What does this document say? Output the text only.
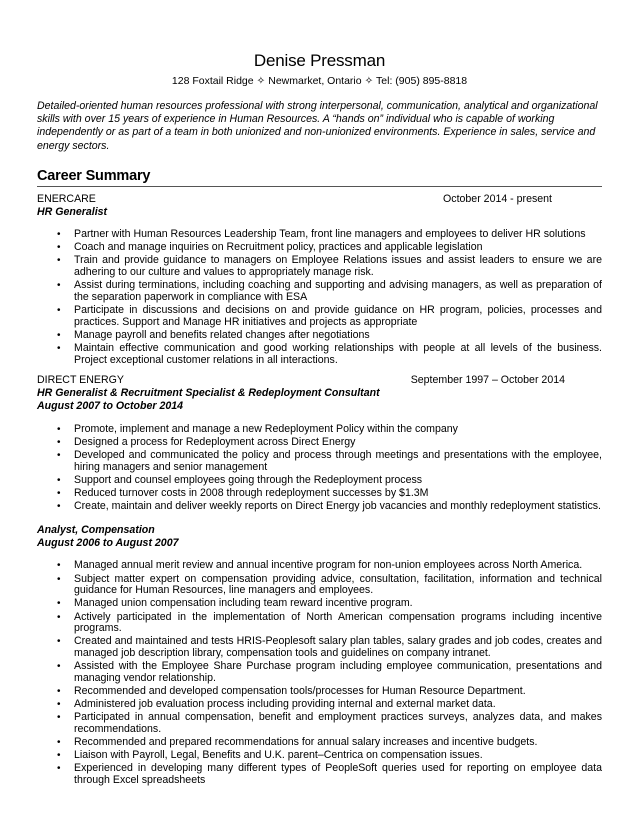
Denise Pressman
128 Foxtail Ridge ✧ Newmarket, Ontario ✧ Tel: (905) 895-8818
Detailed-oriented human resources professional with strong interpersonal, communication, analytical and organizational skills with over 15 years of experience in Human Resources. A “hands on” individual who is capable of working independently or as part of a team in both unionized and non-unionized environments. Experience in sales, service and energy sectors.
Career Summary
ENERCARE	October 2014 - present
HR Generalist
• Partner with Human Resources Leadership Team, front line managers and employees to deliver HR solutions
• Coach and manage inquiries on Recruitment policy, practices and applicable legislation
• Train and provide guidance to managers on Employee Relations issues and assist leaders to ensure we are adhering to our culture and values to appropriately manage risk.
• Assist during terminations, including coaching and supporting and advising managers, as well as preparation of the separation paperwork in compliance with ESA
• Participate in discussions and decisions on and provide guidance on HR program, policies, processes and practices. Support and Manage HR initiatives and projects as appropriate
• Manage payroll and benefits related changes after negotiations
• Maintain effective communication and good working relationships with people at all levels of the business. Project exceptional customer relations in all interactions.
DIRECT ENERGY	September 1997 – October 2014
HR Generalist & Recruitment Specialist & Redeployment Consultant
August 2007 to October 2014
• Promote, implement and manage a new Redeployment Policy within the company
• Designed a process for Redeployment across Direct Energy
• Developed and communicated the policy and process through meetings and presentations with the employee, hiring managers and senior management
• Support and counsel employees going through the Redeployment process
• Reduced turnover costs in 2008 through redeployment successes by $1.3M
• Create, maintain and deliver weekly reports on Direct Energy job vacancies and monthly redeployment statistics.
Analyst, Compensation
August 2006 to August 2007
• Managed annual merit review and annual incentive program for non-union employees across North America.
• Subject matter expert on compensation providing advice, consultation, facilitation, information and technical guidance for Human Resources, line managers and employees.
• Managed union compensation including team reward incentive program.
• Actively participated in the implementation of North American compensation programs including incentive programs.
• Created and maintained and tests HRIS-Peoplesoft salary plan tables, salary grades and job codes, creates and managed job description library, compensation tools and guidelines on company intranet.
• Assisted with the Employee Share Purchase program including employee communication, presentations and managing vendor relationship.
• Recommended and developed compensation tools/processes for Human Resource Department.
• Administered job evaluation process including providing internal and external market data.
• Participated in annual compensation, benefit and employment practices surveys, analyzes data, and makes recommendations.
• Recommended and prepared recommendations for annual salary increases and incentive budgets.
• Liaison with Payroll, Legal, Benefits and U.K. parent–Centrica on compensation issues.
• Experienced in developing many different types of PeopleSoft queries used for reporting on employee data through Excel spreadsheets
